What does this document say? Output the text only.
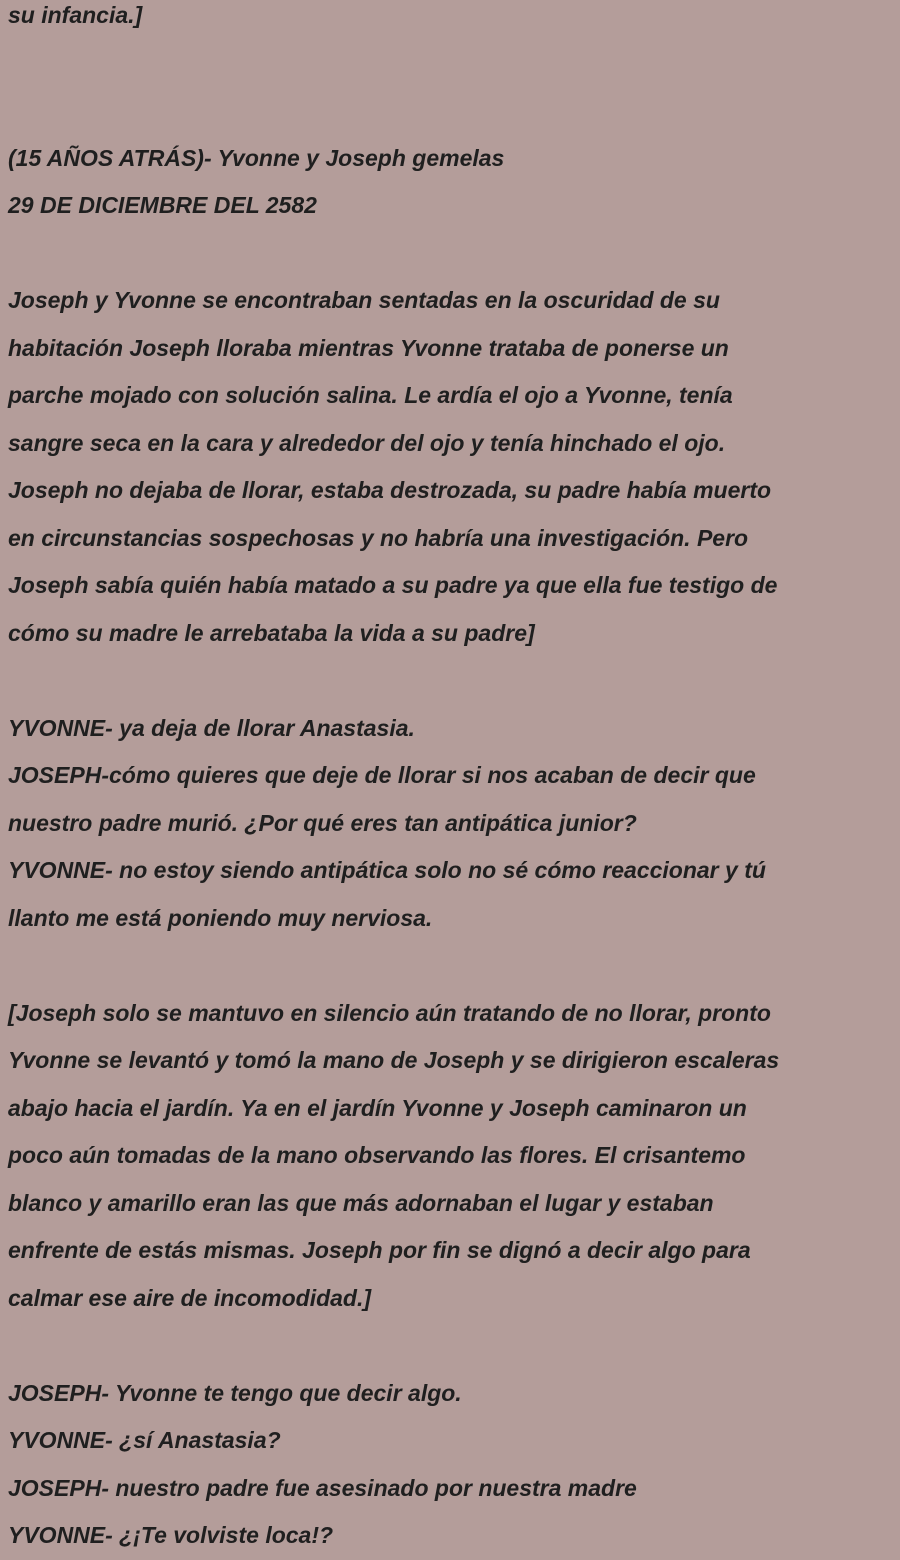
su infancia.]
(15 AÑOS ATRÁS)- Yvonne y Joseph gemelas
29 DE DICIEMBRE DEL 2582
Joseph y Yvonne se encontraban sentadas en la oscuridad de su
habitación Joseph lloraba mientras Yvonne trataba de ponerse un
parche mojado con solución salina. Le ardía el ojo a Yvonne, tenía
sangre seca en la cara y alrededor del ojo y tenía hinchado el ojo.
Joseph no dejaba de llorar, estaba destrozada, su padre había muerto
en circunstancias sospechosas y no habría una investigación. Pero
Joseph sabía quién había matado a su padre ya que ella fue testigo de
cómo su madre le arrebataba la vida a su padre]
YVONNE- ya deja de llorar Anastasia.
JOSEPH-cómo quieres que deje de llorar si nos acaban de decir que
nuestro padre murió. ¿Por qué eres tan antipática junior?
YVONNE- no estoy siendo antipática solo no sé cómo reaccionar y tú
llanto me está poniendo muy nerviosa.
[Joseph solo se mantuvo en silencio aún tratando de no llorar, pronto
Yvonne se levantó y tomó la mano de Joseph y se dirigieron escaleras
abajo hacia el jardín. Ya en el jardín Yvonne y Joseph caminaron un
poco aún tomadas de la mano observando las flores. El crisantemo
blanco y amarillo eran las que más adornaban el lugar y estaban
enfrente de estás mismas. Joseph por fin se dignó a decir algo para
calmar ese aire de incomodidad.]
JOSEPH- Yvonne te tengo que decir algo.
YVONNE- ¿sí Anastasia?
JOSEPH- nuestro padre fue asesinado por nuestra madre
YVONNE- ¿¡Te volviste loca!?
